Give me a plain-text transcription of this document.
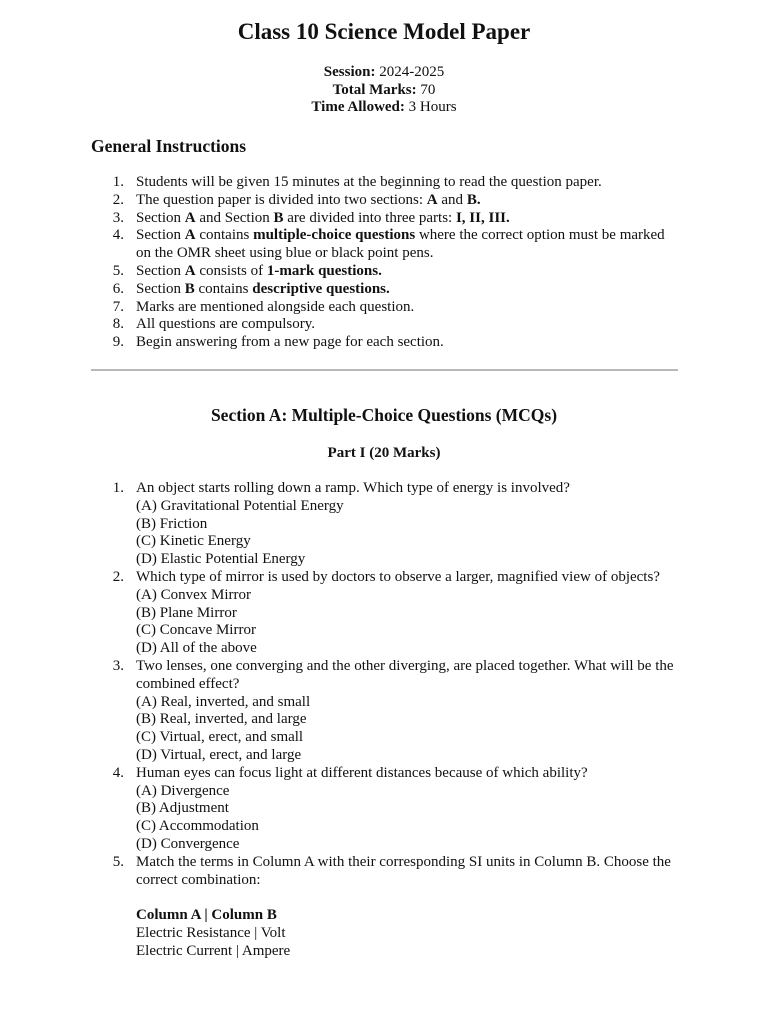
Class 10 Science Model Paper
Session: 2024-2025
Total Marks: 70
Time Allowed: 3 Hours
General Instructions
1. Students will be given 15 minutes at the beginning to read the question paper.
2. The question paper is divided into two sections: A and B.
3. Section A and Section B are divided into three parts: I, II, III.
4. Section A contains multiple-choice questions where the correct option must be marked on the OMR sheet using blue or black point pens.
5. Section A consists of 1-mark questions.
6. Section B contains descriptive questions.
7. Marks are mentioned alongside each question.
8. All questions are compulsory.
9. Begin answering from a new page for each section.
Section A: Multiple-Choice Questions (MCQs)
Part I (20 Marks)
1. An object starts rolling down a ramp. Which type of energy is involved?
(A) Gravitational Potential Energy
(B) Friction
(C) Kinetic Energy
(D) Elastic Potential Energy
2. Which type of mirror is used by doctors to observe a larger, magnified view of objects?
(A) Convex Mirror
(B) Plane Mirror
(C) Concave Mirror
(D) All of the above
3. Two lenses, one converging and the other diverging, are placed together. What will be the combined effect?
(A) Real, inverted, and small
(B) Real, inverted, and large
(C) Virtual, erect, and small
(D) Virtual, erect, and large
4. Human eyes can focus light at different distances because of which ability?
(A) Divergence
(B) Adjustment
(C) Accommodation
(D) Convergence
5. Match the terms in Column A with their corresponding SI units in Column B. Choose the correct combination:
Column A | Column B
Electric Resistance | Volt
Electric Current | Ampere
